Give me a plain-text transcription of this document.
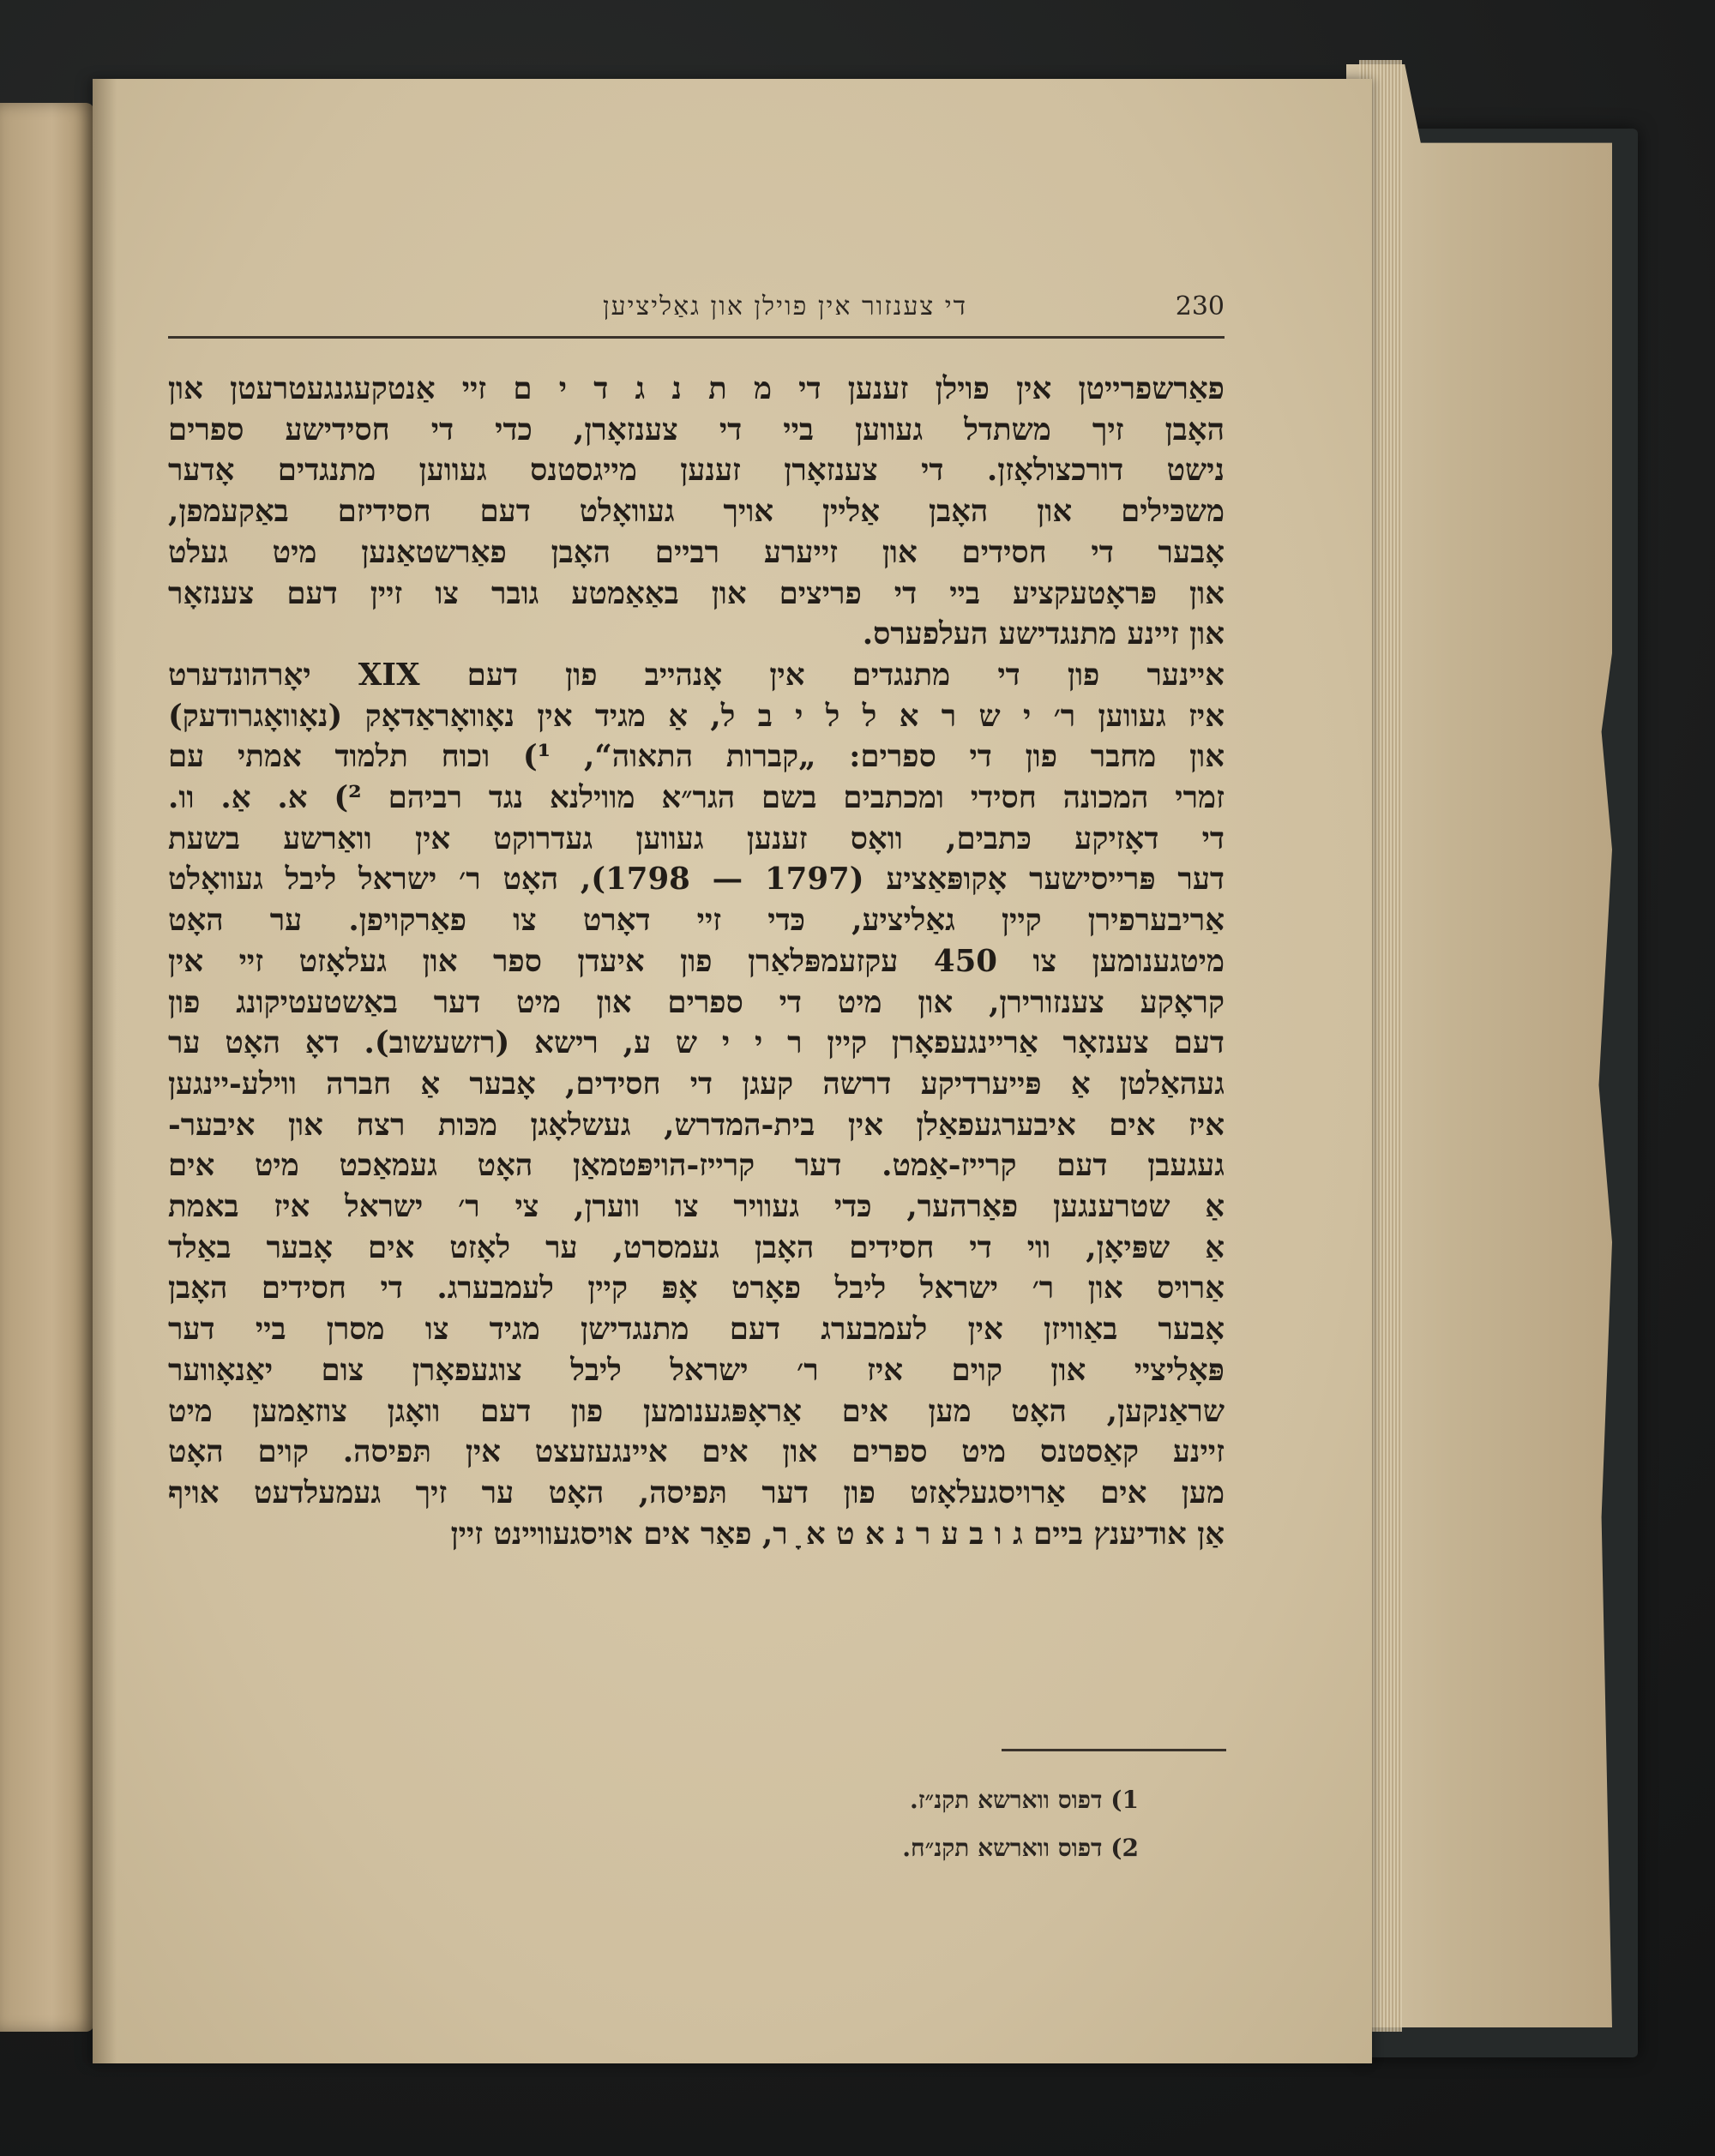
די צענזור אין פוילן און גאַליציען	230
פאַרשפרייטן אין פוילן זענען די מ ת נ ג ד י ם זיי אַנטקעגנגעטרעטן און
האָבן זיך משתדל געווען ביי די צענזאָרן, כדי די חסידישע ספרים
נישט דורכצולאָזן. די צענזאָרן זענען מייגסטנס געווען מתנגדים אָדער
משכּילים און האָבן אַליין אויך געוואָלט דעם חסידיזם באַקעמפן,
אָבער די חסידים און זייערע רביים האָבן פאַרשטאַנען מיט געלט
און פּראָטעקציע ביי די פריצים און באַאַמטע גובר צו זיין דעם צענזאָר
און זיינע מתנגדישע העלפערס.
איינער פון די מתנגדים אין אָנהייב פון דעם XIX יאָרהונדערט
איז געווען ר׳ י ש ר א ל ל י ב ל, אַ מגיד אין נאָוואָראַדאָק (נאָוואָגרודעק)
און מחבר פון די ספרים: „קברות התאוה“, ¹) וכוח תלמוד אמתי עם
זמרי המכונה חסידי ומכתבים בשם הגר״א מווילנא נגד רביהם ²) א. אַ. וו.
די דאָזיקע כּתבים, וואָס זענען געווען געדרוקט אין וואַרשע בשעת
דער פּרייסישער אָקופּאַציע (1797 — 1798), האָט ר׳ ישראל ליבל געוואָלט
אַריבערפירן קיין גאַליציע, כּדי זיי דאָרט צו פאַרקויפן. ער האָט
מיטגענומען צו 450 עקזעמפּלאַרן פון איעדן ספר און געלאָזט זיי אין
קראָקע צענזורירן, און מיט די ספרים און מיט דער באַשטעטיקונג פון
דעם צענזאָר אַריינגעפאָרן קיין ר י י ש ע, רישא (רזשעשוב). דאָ האָט ער
געהאַלטן אַ פּייערדיקע דרשה קעגן די חסידים, אָבער אַ חברה ווילע-יינגען
איז אים איבערגעפאַלן אין בית-המדרש, געשלאָגן מכּות רצח און איבער-
געגעבן דעם קרייז-אַמט. דער קרייז-הויפּטמאַן האָט געמאַכט מיט אים
אַ שטרענגען פאַרהער, כּדי געוויר צו ווערן, צי ר׳ ישראל איז באמת
אַ שפּיאָן, ווי די חסידים האָבן געמסרט, ער לאָזט אים אָבער באַלד
אַרויס און ר׳ ישראל ליבל פאָרט אָפּ קיין לעמבערג. די חסידים האָבן
אָבער באַוויזן אין לעמבערג דעם מתנגדישן מגיד צו מסרן ביי דער
פּאָליציי און קוים איז ר׳ ישראל ליבל צוגעפאָרן צום יאַנאָווער
שראַנקען, האָט מען אים אַראָפּגענומען פון דעם וואָגן צוזאַמען מיט
זיינע קאַסטנס מיט ספרים און אים איינגעזעצט אין תּפיסה. קוים האָט
מען אים אַרויסגעלאָזט פון דער תּפיסה, האָט ער זיך געמעלדעט אויף
אַן אודיענץ ביים ג ו ב ע ר נ א ט א ָ ר, פאַר אים אויסגעווײנט זיין
1) דפוס ווארשא תקנ״ז.
2) דפוס ווארשא תקנ״ח.
